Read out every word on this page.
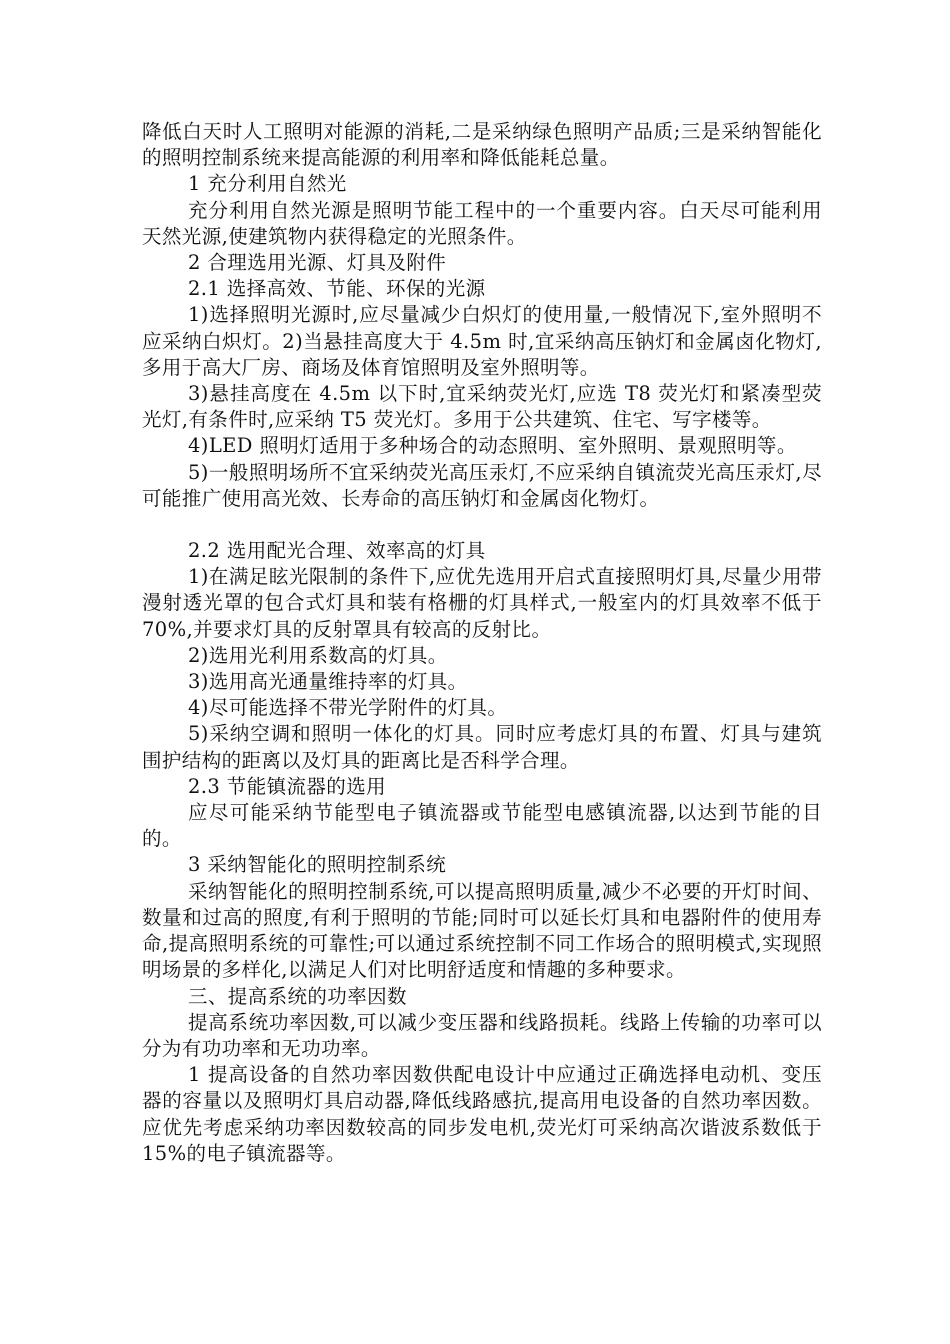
降低白天时人工照明对能源的消耗,二是采纳绿色照明产品质;三是采纳智能化的照明控制系统来提高能源的利用率和降低能耗总量。

1 充分利用自然光

充分利用自然光源是照明节能工程中的一个重要内容。白天尽可能利用天然光源,使建筑物内获得稳定的光照条件。

2 合理选用光源、灯具及附件

2.1 选择高效、节能、环保的光源

1)选择照明光源时,应尽量减少白炽灯的使用量,一般情况下,室外照明不应采纳白炽灯。2)当悬挂高度大于 4.5m 时,宜采纳高压钠灯和金属卤化物灯,多用于高大厂房、商场及体育馆照明及室外照明等。

3)悬挂高度在 4.5m 以下时,宜采纳荧光灯,应选 T8 荧光灯和紧凑型荧光灯,有条件时,应采纳 T5 荧光灯。多用于公共建筑、住宅、写字楼等。

4)LED 照明灯适用于多种场合的动态照明、室外照明、景观照明等。

5)一般照明场所不宜采纳荧光高压汞灯,不应采纳自镇流荧光高压汞灯,尽可能推广使用高光效、长寿命的高压钠灯和金属卤化物灯。

2.2 选用配光合理、效率高的灯具

1)在满足眩光限制的条件下,应优先选用开启式直接照明灯具,尽量少用带漫射透光罩的包合式灯具和装有格栅的灯具样式,一般室内的灯具效率不低于 70%,并要求灯具的反射罩具有较高的反射比。

2)选用光利用系数高的灯具。

3)选用高光通量维持率的灯具。

4)尽可能选择不带光学附件的灯具。

5)采纳空调和照明一体化的灯具。同时应考虑灯具的布置、灯具与建筑围护结构的距离以及灯具的距离比是否科学合理。

2.3 节能镇流器的选用

应尽可能采纳节能型电子镇流器或节能型电感镇流器,以达到节能的目的。

3 采纳智能化的照明控制系统

采纳智能化的照明控制系统,可以提高照明质量,减少不必要的开灯时间、数量和过高的照度,有利于照明的节能;同时可以延长灯具和电器附件的使用寿命,提高照明系统的可靠性;可以通过系统控制不同工作场合的照明模式,实现照明场景的多样化,以满足人们对比明舒适度和情趣的多种要求。

三、提高系统的功率因数

提高系统功率因数,可以减少变压器和线路损耗。线路上传输的功率可以分为有功功率和无功功率。

1 提高设备的自然功率因数供配电设计中应通过正确选择电动机、变压器的容量以及照明灯具启动器,降低线路感抗,提高用电设备的自然功率因数。应优先考虑采纳功率因数较高的同步发电机,荧光灯可采纳高次谐波系数低于 15%的电子镇流器等。
